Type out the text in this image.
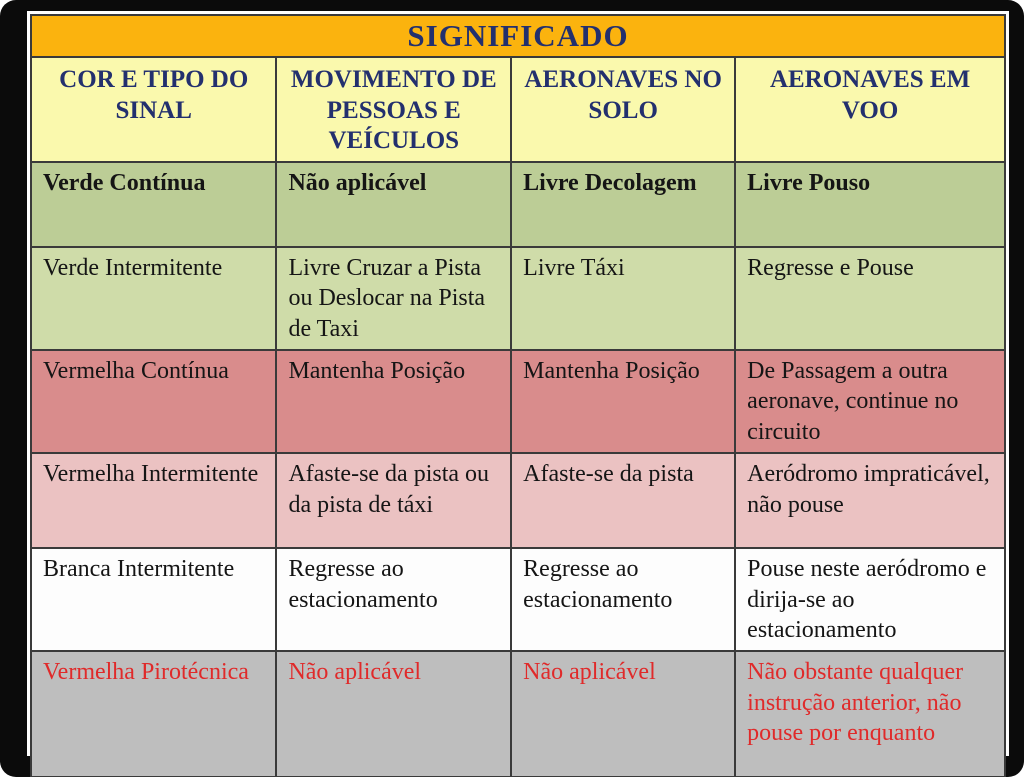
SIGNIFICADO			
COR E TIPO DO SINAL	MOVIMENTO DE PESSOAS E VEÍCULOS	AERONAVES NO SOLO	AERONAVES EM VOO
Verde Contínua	Não aplicável	Livre Decolagem	Livre Pouso
Verde Intermitente	Livre Cruzar a Pista ou Deslocar na Pista de Taxi	Livre Táxi	Regresse e Pouse
Vermelha Contínua	Mantenha Posição	Mantenha Posição	De Passagem a outra aeronave, continue no circuito
Vermelha Intermitente	Afaste-se da pista ou da pista de táxi	Afaste-se da pista	Aeródromo impraticável, não pouse
Branca Intermitente	Regresse ao estacionamento	Regresse ao estacionamento	Pouse neste aeródromo e dirija-se ao estacionamento
Vermelha Pirotécnica	Não aplicável	Não aplicável	Não obstante qualquer instrução anterior, não pouse por enquanto
